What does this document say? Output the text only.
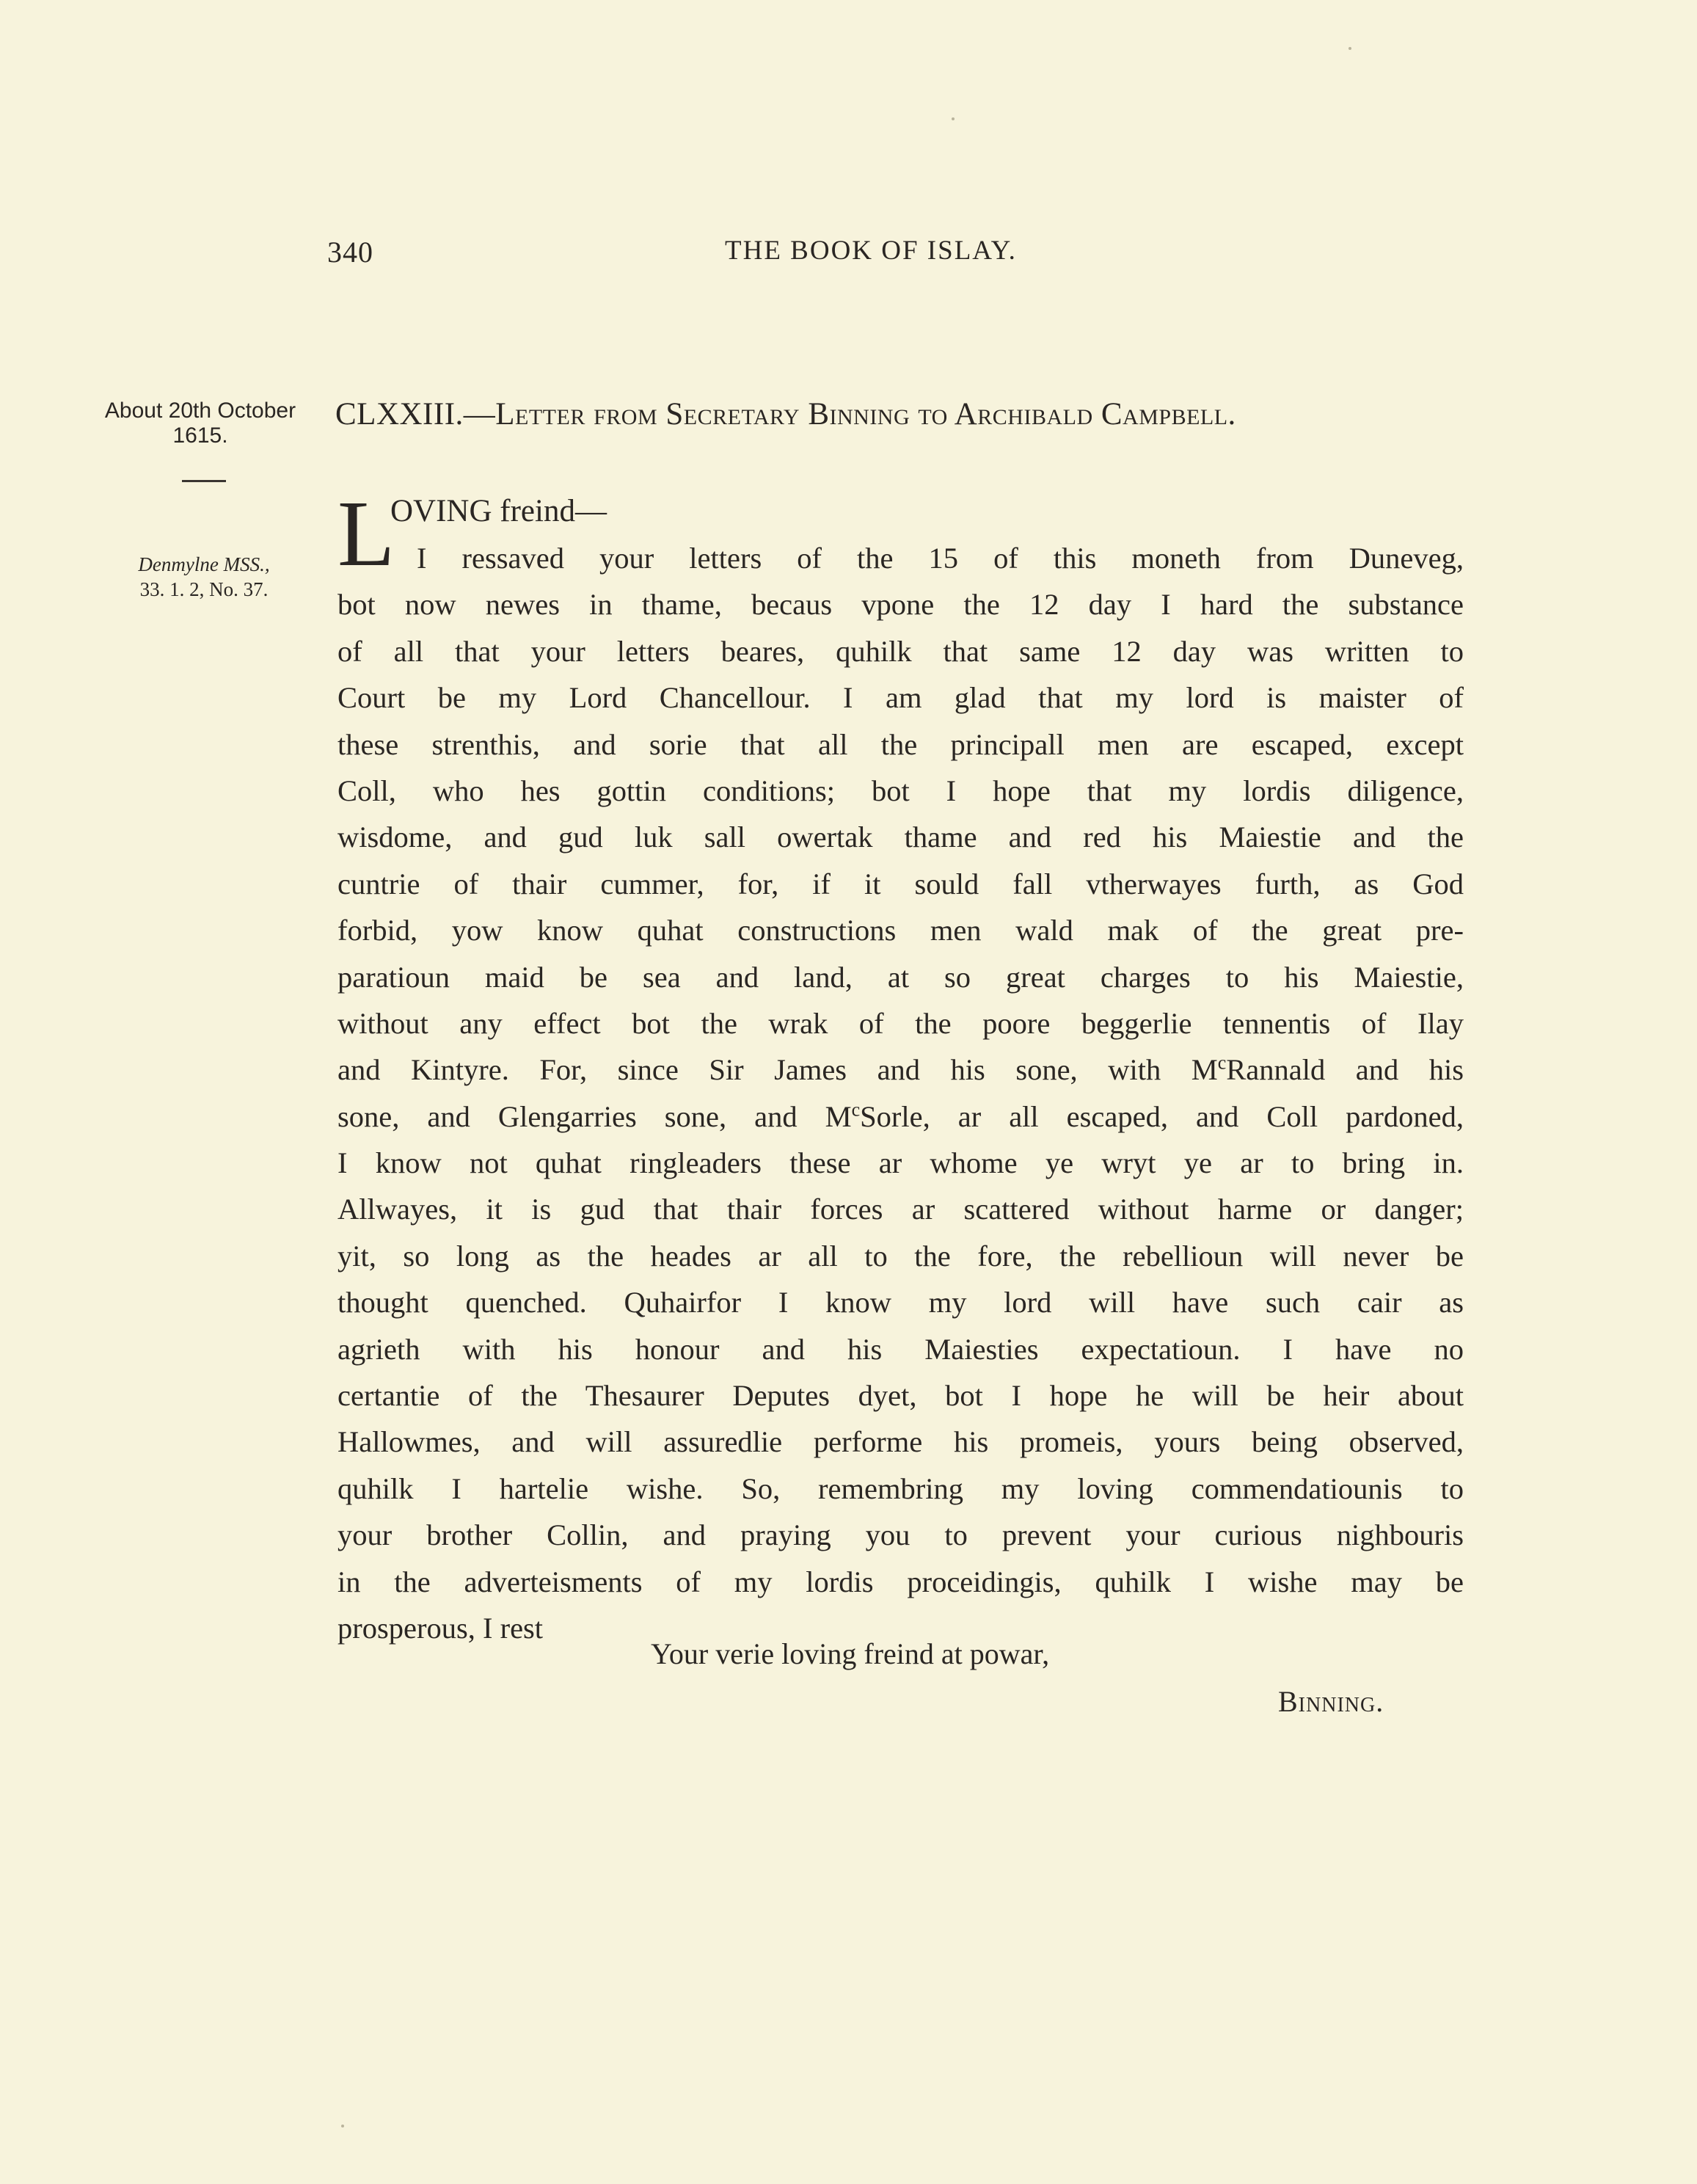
340	THE BOOK OF ISLAY.
About 20th October
1615.
Denmylne MSS.,
33. 1. 2, No. 37.
CLXXIII.—Letter from Secretary Binning to Archibald Campbell.
L
OVING freind—
I ressaved your letters of the 15 of this moneth from Duneveg,
bot now newes in thame, becaus vpone the 12 day I hard the substance
of all that your letters beares, quhilk that same 12 day was written to
Court be my Lord Chancellour. I am glad that my lord is maister of
these strenthis, and sorie that all the principall men are escaped, except
Coll, who hes gottin conditions; bot I hope that my lordis diligence,
wisdome, and gud luk sall owertak thame and red his Maiestie and the
cuntrie of thair cummer, for, if it sould fall vtherwayes furth, as God
forbid, yow know quhat constructions men wald mak of the great pre-
paratioun maid be sea and land, at so great charges to his Maiestie,
without any effect bot the wrak of the poore beggerlie tennentis of Ilay
and Kintyre. For, since Sir James and his sone, with $M^cRannald$ and his
sone, and Glengarries sone, and $M^cSorle$, ar all escaped, and Coll pardoned,
I know not quhat ringleaders these ar whome ye wryt ye ar to bring in.
Allwayes, it is gud that thair forces ar scattered without harme or danger;
yit, so long as the heades ar all to the fore, the rebellioun will never be
thought quenched. Quhairfor I know my lord will have such cair as
agrieth with his honour and his Maiesties expectatioun. I have no
certantie of the Thesaurer Deputes dyet, bot I hope he will be heir about
Hallowmes, and will assuredlie performe his promeis, yours being observed,
quhilk I hartelie wishe. So, remembring my loving commendatiounis to
your brother Collin, and praying you to prevent your curious nighbouris
in the adverteisments of my lordis proceidingis, quhilk I wishe may be
prosperous, I rest
Your verie loving freind at powar,
Binning.
